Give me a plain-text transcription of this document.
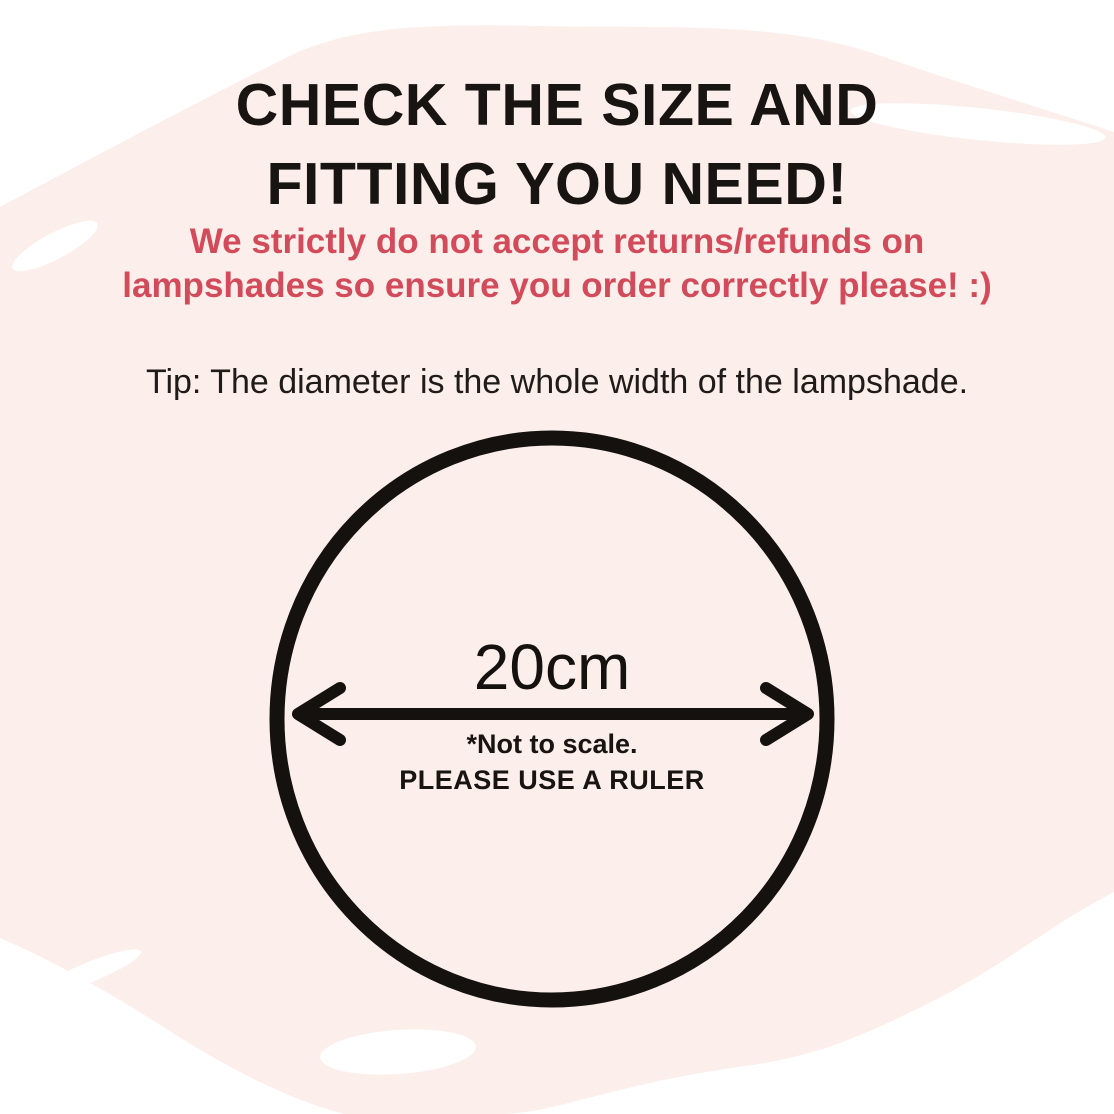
CHECK THE SIZE AND
FITTING YOU NEED!
We strictly do not accept returns/refunds on
lampshades so ensure you order correctly please! :)
Tip: The diameter is the whole width of the lampshade.
20cm
*Not to scale.
PLEASE USE A RULER
